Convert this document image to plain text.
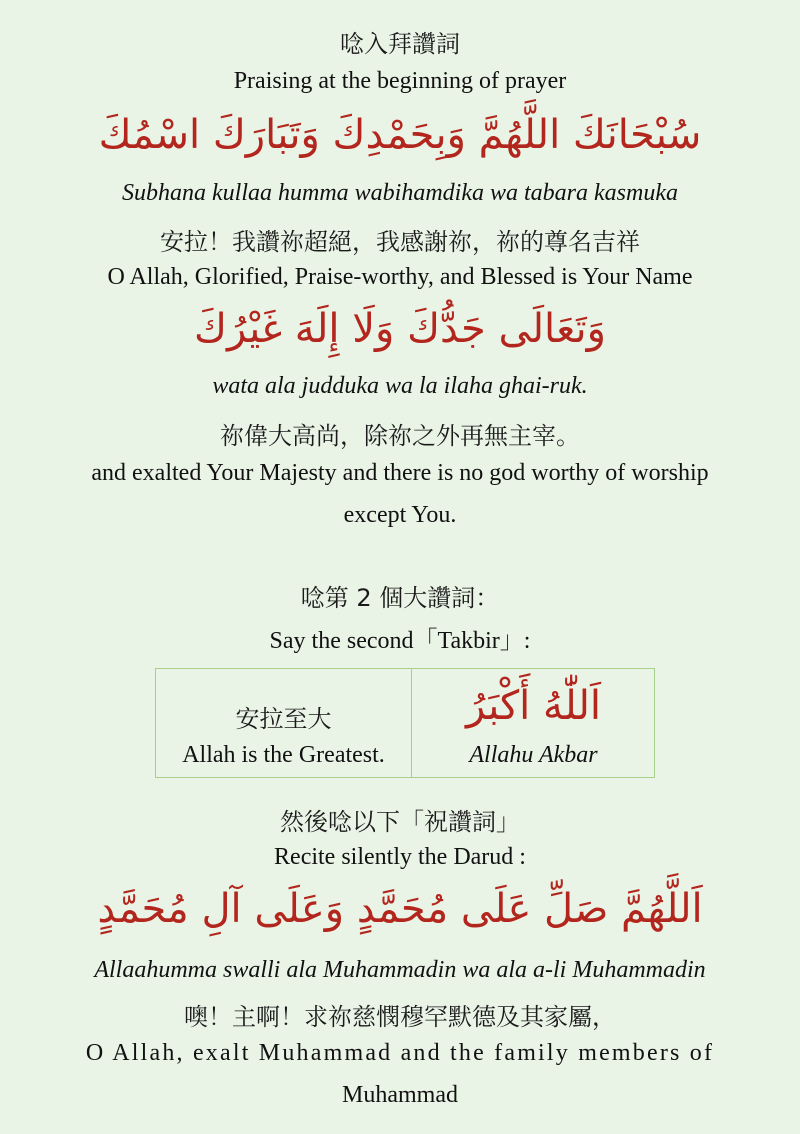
唸入拜讚詞
Praising at the beginning of prayer
سُبْحَانَكَ اللَّهُمَّ وَبِحَمْدِكَ وَتَبَارَكَ اسْمُكَ
Subhana kullaa humma wabihamdika wa tabara kasmuka
安拉！我讚祢超絕，我感謝祢，祢的尊名吉祥
O Allah, Glorified, Praise-worthy, and Blessed is Your Name
وَتَعَالَى جَدُّكَ وَلَا إِلَهَ غَيْرُكَ
wata ala judduka wa la ilaha ghai-ruk.
祢偉大高尚，除祢之外再無主宰。
and exalted Your Majesty and there is no god worthy of worship
except You.
唸第 2 個大讚詞：
Say the second「Takbir」:
安拉至大
Allah is the Greatest.
اَللّٰهُ أَكْبَرُ
Allahu Akbar
然後唸以下「祝讚詞」
Recite silently the Darud :
اَللَّهُمَّ صَلِّ عَلَى مُحَمَّدٍ وَعَلَى آلِ مُحَمَّدٍ
Allaahumma swalli ala Muhammadin wa ala a-li Muhammadin
噢！主啊！求祢慈憫穆罕默德及其家屬，
O Allah, exalt Muhammad and the family members of
Muhammad
